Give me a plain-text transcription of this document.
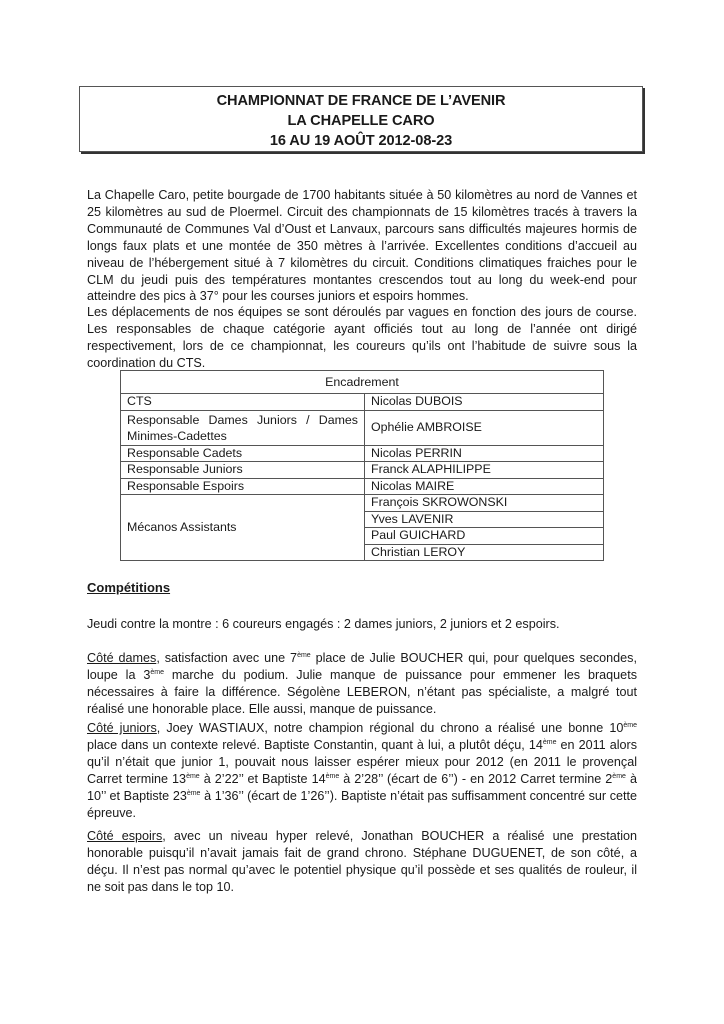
CHAMPIONNAT DE FRANCE DE L’AVENIR
LA CHAPELLE CARO
16 AU 19 AOÛT 2012-08-23

La Chapelle Caro, petite bourgade de 1700 habitants située à 50 kilomètres au nord de Vannes et 25 kilomètres au sud de Ploermel. Circuit des championnats de 15 kilomètres tracés à travers la Communauté de Communes Val d’Oust et Lanvaux, parcours sans difficultés majeures hormis de longs faux plats et une montée de 350 mètres à l’arrivée. Excellentes conditions d’accueil au niveau de l’hébergement situé à 7 kilomètres du circuit. Conditions climatiques fraiches pour le CLM du jeudi puis des températures montantes crescendos tout au long du week-end pour atteindre des pics à 37° pour les courses juniors et espoirs hommes.

Les déplacements de nos équipes se sont déroulés par vagues en fonction des jours de course. Les responsables de chaque catégorie ayant officiés tout au long de l’année ont dirigé respectivement, lors de ce championnat, les coureurs qu’ils ont l’habitude de suivre sous la coordination du CTS.

Encadrement	
CTS	Nicolas DUBOIS
Responsable Dames Juniors / Dames Minimes-Cadettes	Ophélie AMBROISE
Responsable Cadets	Nicolas PERRIN
Responsable Juniors	Franck ALAPHILIPPE
Responsable Espoirs	Nicolas MAIRE
Mécanos Assistants	François SKROWONSKI
	Yves LAVENIR
	Paul GUICHARD
	Christian LEROY
Compétitions

Jeudi contre la montre : 6 coureurs engagés : 2 dames juniors, 2 juniors et 2 espoirs.

Côté dames, satisfaction avec une 7ème place de Julie BOUCHER qui, pour quelques secondes, loupe la 3ème marche du podium. Julie manque de puissance pour emmener les braquets nécessaires à faire la différence. Ségolène LEBERON, n’étant pas spécialiste, a malgré tout réalisé une honorable place. Elle aussi, manque de puissance.

Côté juniors, Joey WASTIAUX, notre champion régional du chrono a réalisé une bonne 10ème place dans un contexte relevé. Baptiste Constantin, quant à lui, a plutôt déçu, 14ème en 2011 alors qu’il n’était que junior 1, pouvait nous laisser espérer mieux pour 2012 (en 2011 le provençal Carret termine 13ème à 2’22’’ et Baptiste 14ème à 2’28’’ (écart de 6’’) - en 2012 Carret termine 2ème à 10’’ et Baptiste 23ème à 1’36’’ (écart de 1’26’’). Baptiste n’était pas suffisamment concentré sur cette épreuve.

Côté espoirs, avec un niveau hyper relevé, Jonathan BOUCHER a réalisé une prestation honorable puisqu’il n’avait jamais fait de grand chrono. Stéphane DUGUENET, de son côté, a déçu. Il n’est pas normal qu’avec le potentiel physique qu’il possède et ses qualités de rouleur, il ne soit pas dans le top 10.
